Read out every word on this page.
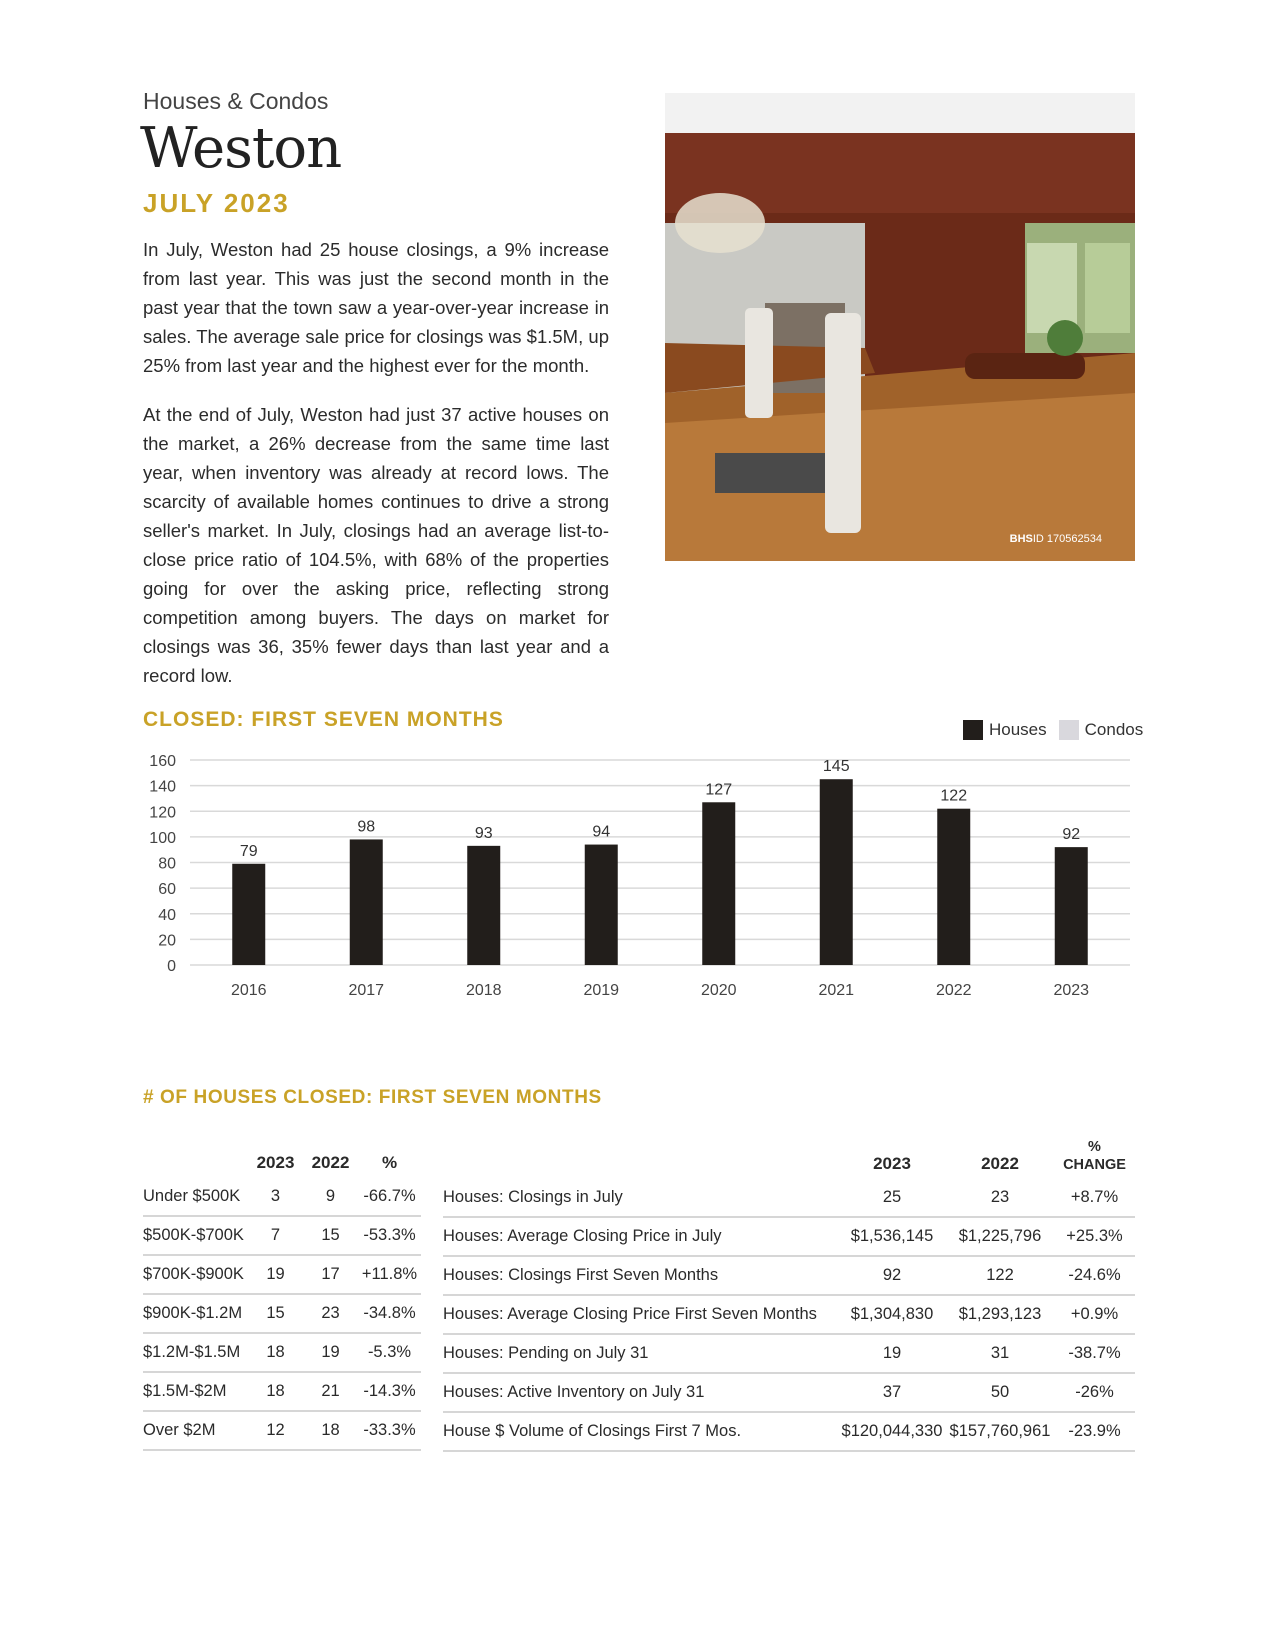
Houses & Condos
Weston
JULY 2023

In July, Weston had 25 house closings, a 9% increase from last year. This was just the second month in the past year that the town saw a year-over-year increase in sales. The average sale price for closings was $1.5M, up 25% from last year and the highest ever for the month.

At the end of July, Weston had just 37 active houses on the market, a 26% decrease from the same time last year, when inventory was already at record lows. The scarcity of available homes continues to drive a strong seller's market. In July, closings had an average list-to-close price ratio of 104.5%, with 68% of the properties going for over the asking price, reflecting strong competition among buyers. The days on market for closings was 36, 35% fewer days than last year and a record low.

BHSID 170562534
CLOSED: FIRST SEVEN MONTHS	Houses Condos
0
20
40
60
80
100
120
140
160
79
2016
98
2017
93
2018
94
2019
127
2020
145
2021
122
2022
92
2023
# OF HOUSES CLOSED: FIRST SEVEN MONTHS
	2023	2022	%
Under $500K	3	9	-66.7%
$500K-$700K	7	15	-53.3%
$700K-$900K	19	17	+11.8%
$900K-$1.2M	15	23	-34.8%
$1.2M-$1.5M	18	19	-5.3%
$1.5M-$2M	18	21	-14.3%
Over $2M	12	18	-33.3%
	2023	2022	%
CHANGE
Houses: Closings in July	25	23	+8.7%
Houses: Average Closing Price in July	$1,536,145	$1,225,796	+25.3%
Houses: Closings First Seven Months	92	122	-24.6%
Houses: Average Closing Price First Seven Months	$1,304,830	$1,293,123	+0.9%
Houses: Pending on July 31	19	31	-38.7%
Houses: Active Inventory on July 31	37	50	-26%
House $ Volume of Closings First 7 Mos.	$120,044,330	$157,760,961	-23.9%
